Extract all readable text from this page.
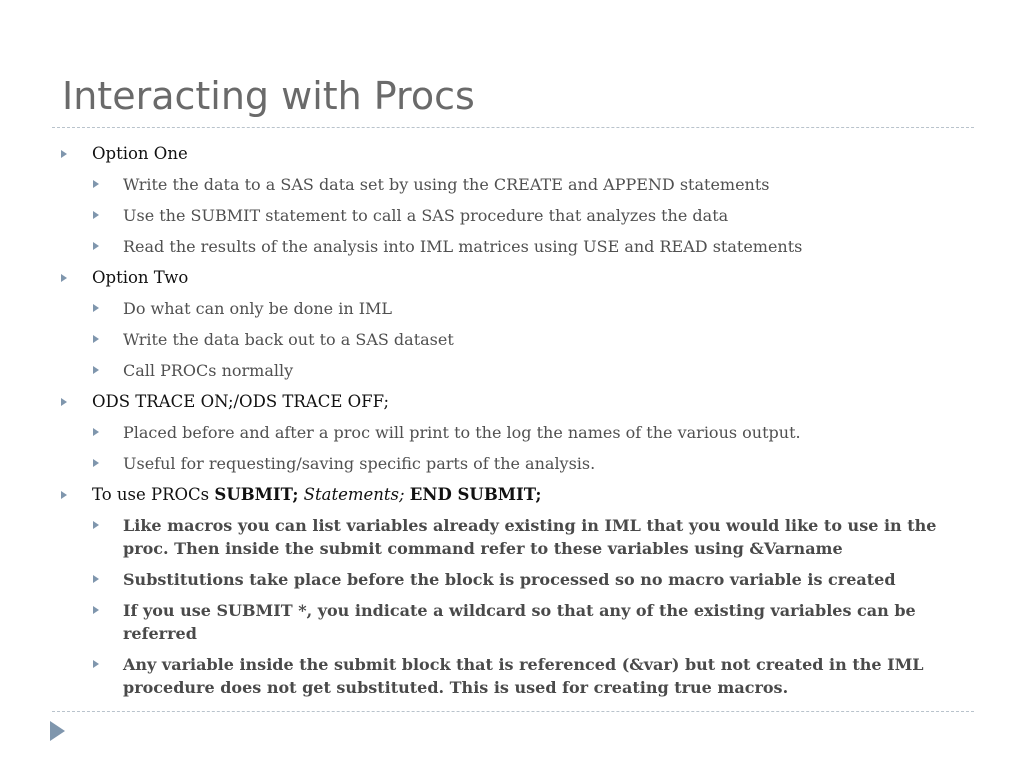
Interacting with Procs
Option One
Write the data to a SAS data set by using the CREATE and APPEND statements
Use the SUBMIT statement to call a SAS procedure that analyzes the data
Read the results of the analysis into IML matrices using USE and READ statements
Option Two
Do what can only be done in IML
Write the data back out to a SAS dataset
Call PROCs normally
ODS TRACE ON;/ODS TRACE OFF;
Placed before and after a proc will print to the log the names of the various output.
Useful for requesting/saving specific parts of the analysis.
To use PROCs SUBMIT; Statements; END SUBMIT;
Like macros you can list variables already existing in IML that you would like to use in the proc. Then inside the submit command refer to these variables using &Varname
Substitutions take place before the block is processed so no macro variable is created
If you use SUBMIT *, you indicate a wildcard so that any of the existing variables can be referred
Any variable inside the submit block that is referenced (&var) but not created in the IML procedure does not get substituted. This is used for creating true macros.
